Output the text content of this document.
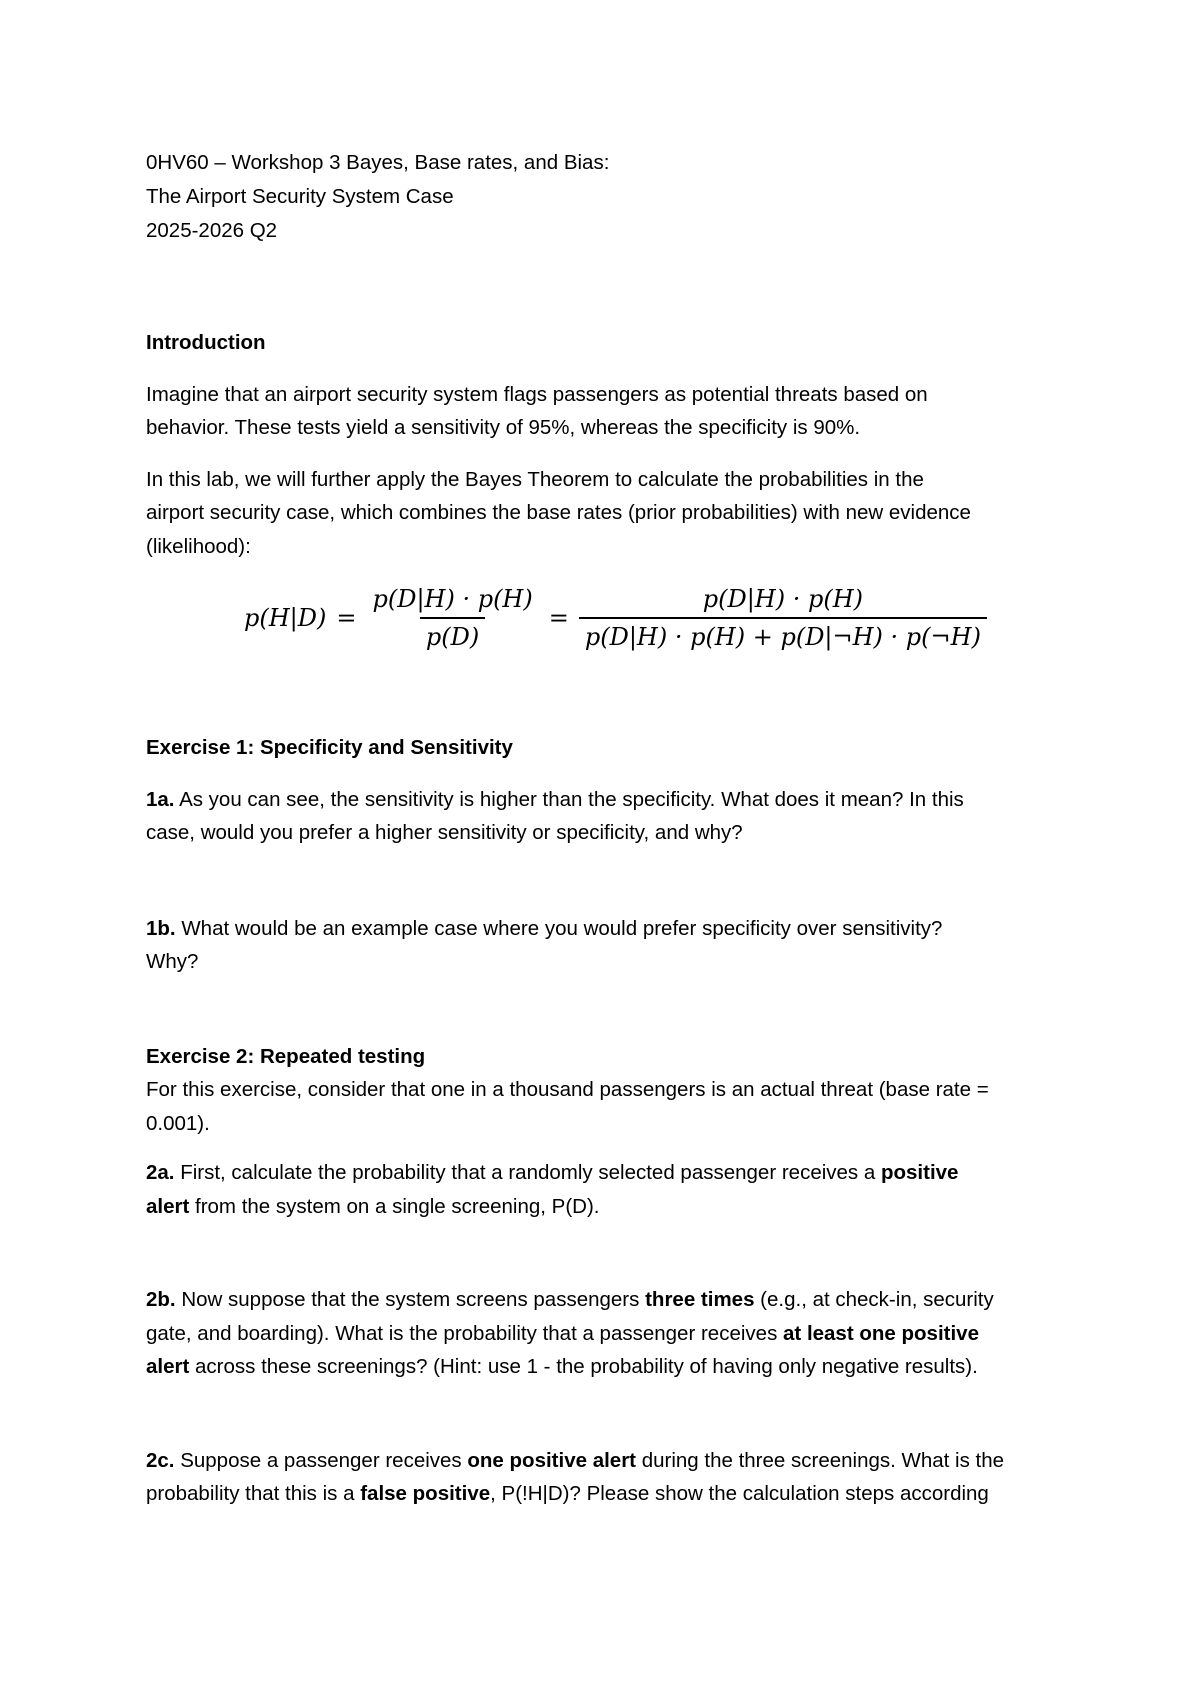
0HV60 – Workshop 3 Bayes, Base rates, and Bias:

The Airport Security System Case

2025-2026 Q2

Introduction

Imagine that an airport security system flags passengers as potential threats based on

behavior. These tests yield a sensitivity of 95%, whereas the specificity is 90%.

In this lab, we will further apply the Bayes Theorem to calculate the probabilities in the

airport security case, which combines the base rates (prior probabilities) with new evidence

(likelihood):

$p(H|D) = \frac{p(D|H) \cdot p(H)}{p(D)} = \frac{p(D|H) \cdot p(H)}{p(D|H) \cdot p(H) + p(D|\neg H) \cdot p(\neg H)}$

Exercise 1: Specificity and Sensitivity

1a. As you can see, the sensitivity is higher than the specificity. What does it mean? In this

case, would you prefer a higher sensitivity or specificity, and why?

1b. What would be an example case where you would prefer specificity over sensitivity?

Why?

Exercise 2: Repeated testing

For this exercise, consider that one in a thousand passengers is an actual threat (base rate =

0.001).

2a. First, calculate the probability that a randomly selected passenger receives a positive

alert from the system on a single screening, P(D).

2b. Now suppose that the system screens passengers three times (e.g., at check-in, security

gate, and boarding). What is the probability that a passenger receives at least one positive

alert across these screenings? (Hint: use 1 - the probability of having only negative results).

2c. Suppose a passenger receives one positive alert during the three screenings. What is the

probability that this is a false positive, P(!H|D)? Please show the calculation steps according
